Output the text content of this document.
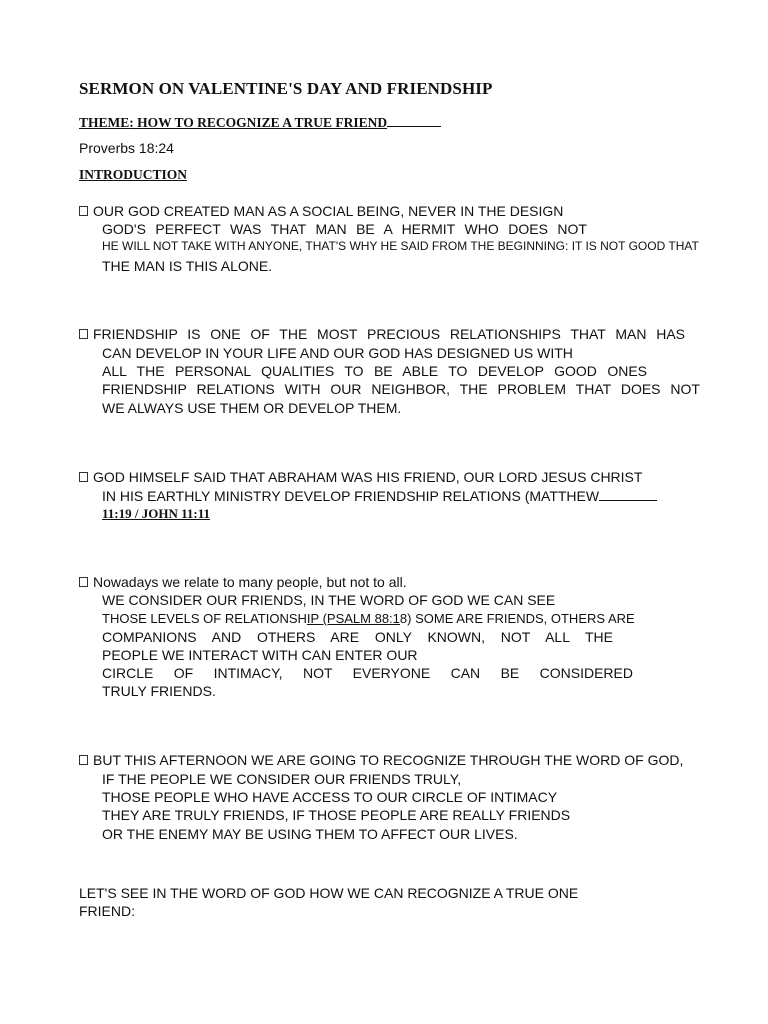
SERMON ON VALENTINE'S DAY AND FRIENDSHIP
THEME: HOW TO RECOGNIZE A TRUE FRIEND
Proverbs 18:24
INTRODUCTION
OUR GOD CREATED MAN AS A SOCIAL BEING, NEVER IN THE DESIGN
GOD'S PERFECT WAS THAT MAN BE A HERMIT WHO DOES NOT
HE WILL NOT TAKE WITH ANYONE, THAT'S WHY HE SAID FROM THE BEGINNING: IT IS NOT GOOD THAT
THE MAN IS THIS ALONE.
FRIENDSHIP IS ONE OF THE MOST PRECIOUS RELATIONSHIPS THAT MAN HAS
CAN DEVELOP IN YOUR LIFE AND OUR GOD HAS DESIGNED US WITH
ALL THE PERSONAL QUALITIES TO BE ABLE TO DEVELOP GOOD ONES
FRIENDSHIP RELATIONS WITH OUR NEIGHBOR, THE PROBLEM THAT DOES NOT
WE ALWAYS USE THEM OR DEVELOP THEM.
GOD HIMSELF SAID THAT ABRAHAM WAS HIS FRIEND, OUR LORD JESUS CHRIST
IN HIS EARTHLY MINISTRY DEVELOP FRIENDSHIP RELATIONS (MATTHEW
11:19 / JOHN 11:11
Nowadays we relate to many people, but not to all.
WE CONSIDER OUR FRIENDS, IN THE WORD OF GOD WE CAN SEE
THOSE LEVELS OF RELATIONSHIP (PSALM 88:18) SOME ARE FRIENDS, OTHERS ARE
COMPANIONS AND OTHERS ARE ONLY KNOWN, NOT ALL THE
PEOPLE WE INTERACT WITH CAN ENTER OUR
CIRCLE OF INTIMACY, NOT EVERYONE CAN BE CONSIDERED
TRULY FRIENDS.
BUT THIS AFTERNOON WE ARE GOING TO RECOGNIZE THROUGH THE WORD OF GOD,
IF THE PEOPLE WE CONSIDER OUR FRIENDS TRULY,
THOSE PEOPLE WHO HAVE ACCESS TO OUR CIRCLE OF INTIMACY
THEY ARE TRULY FRIENDS, IF THOSE PEOPLE ARE REALLY FRIENDS
OR THE ENEMY MAY BE USING THEM TO AFFECT OUR LIVES.
LET'S SEE IN THE WORD OF GOD HOW WE CAN RECOGNIZE A TRUE ONE
FRIEND:
